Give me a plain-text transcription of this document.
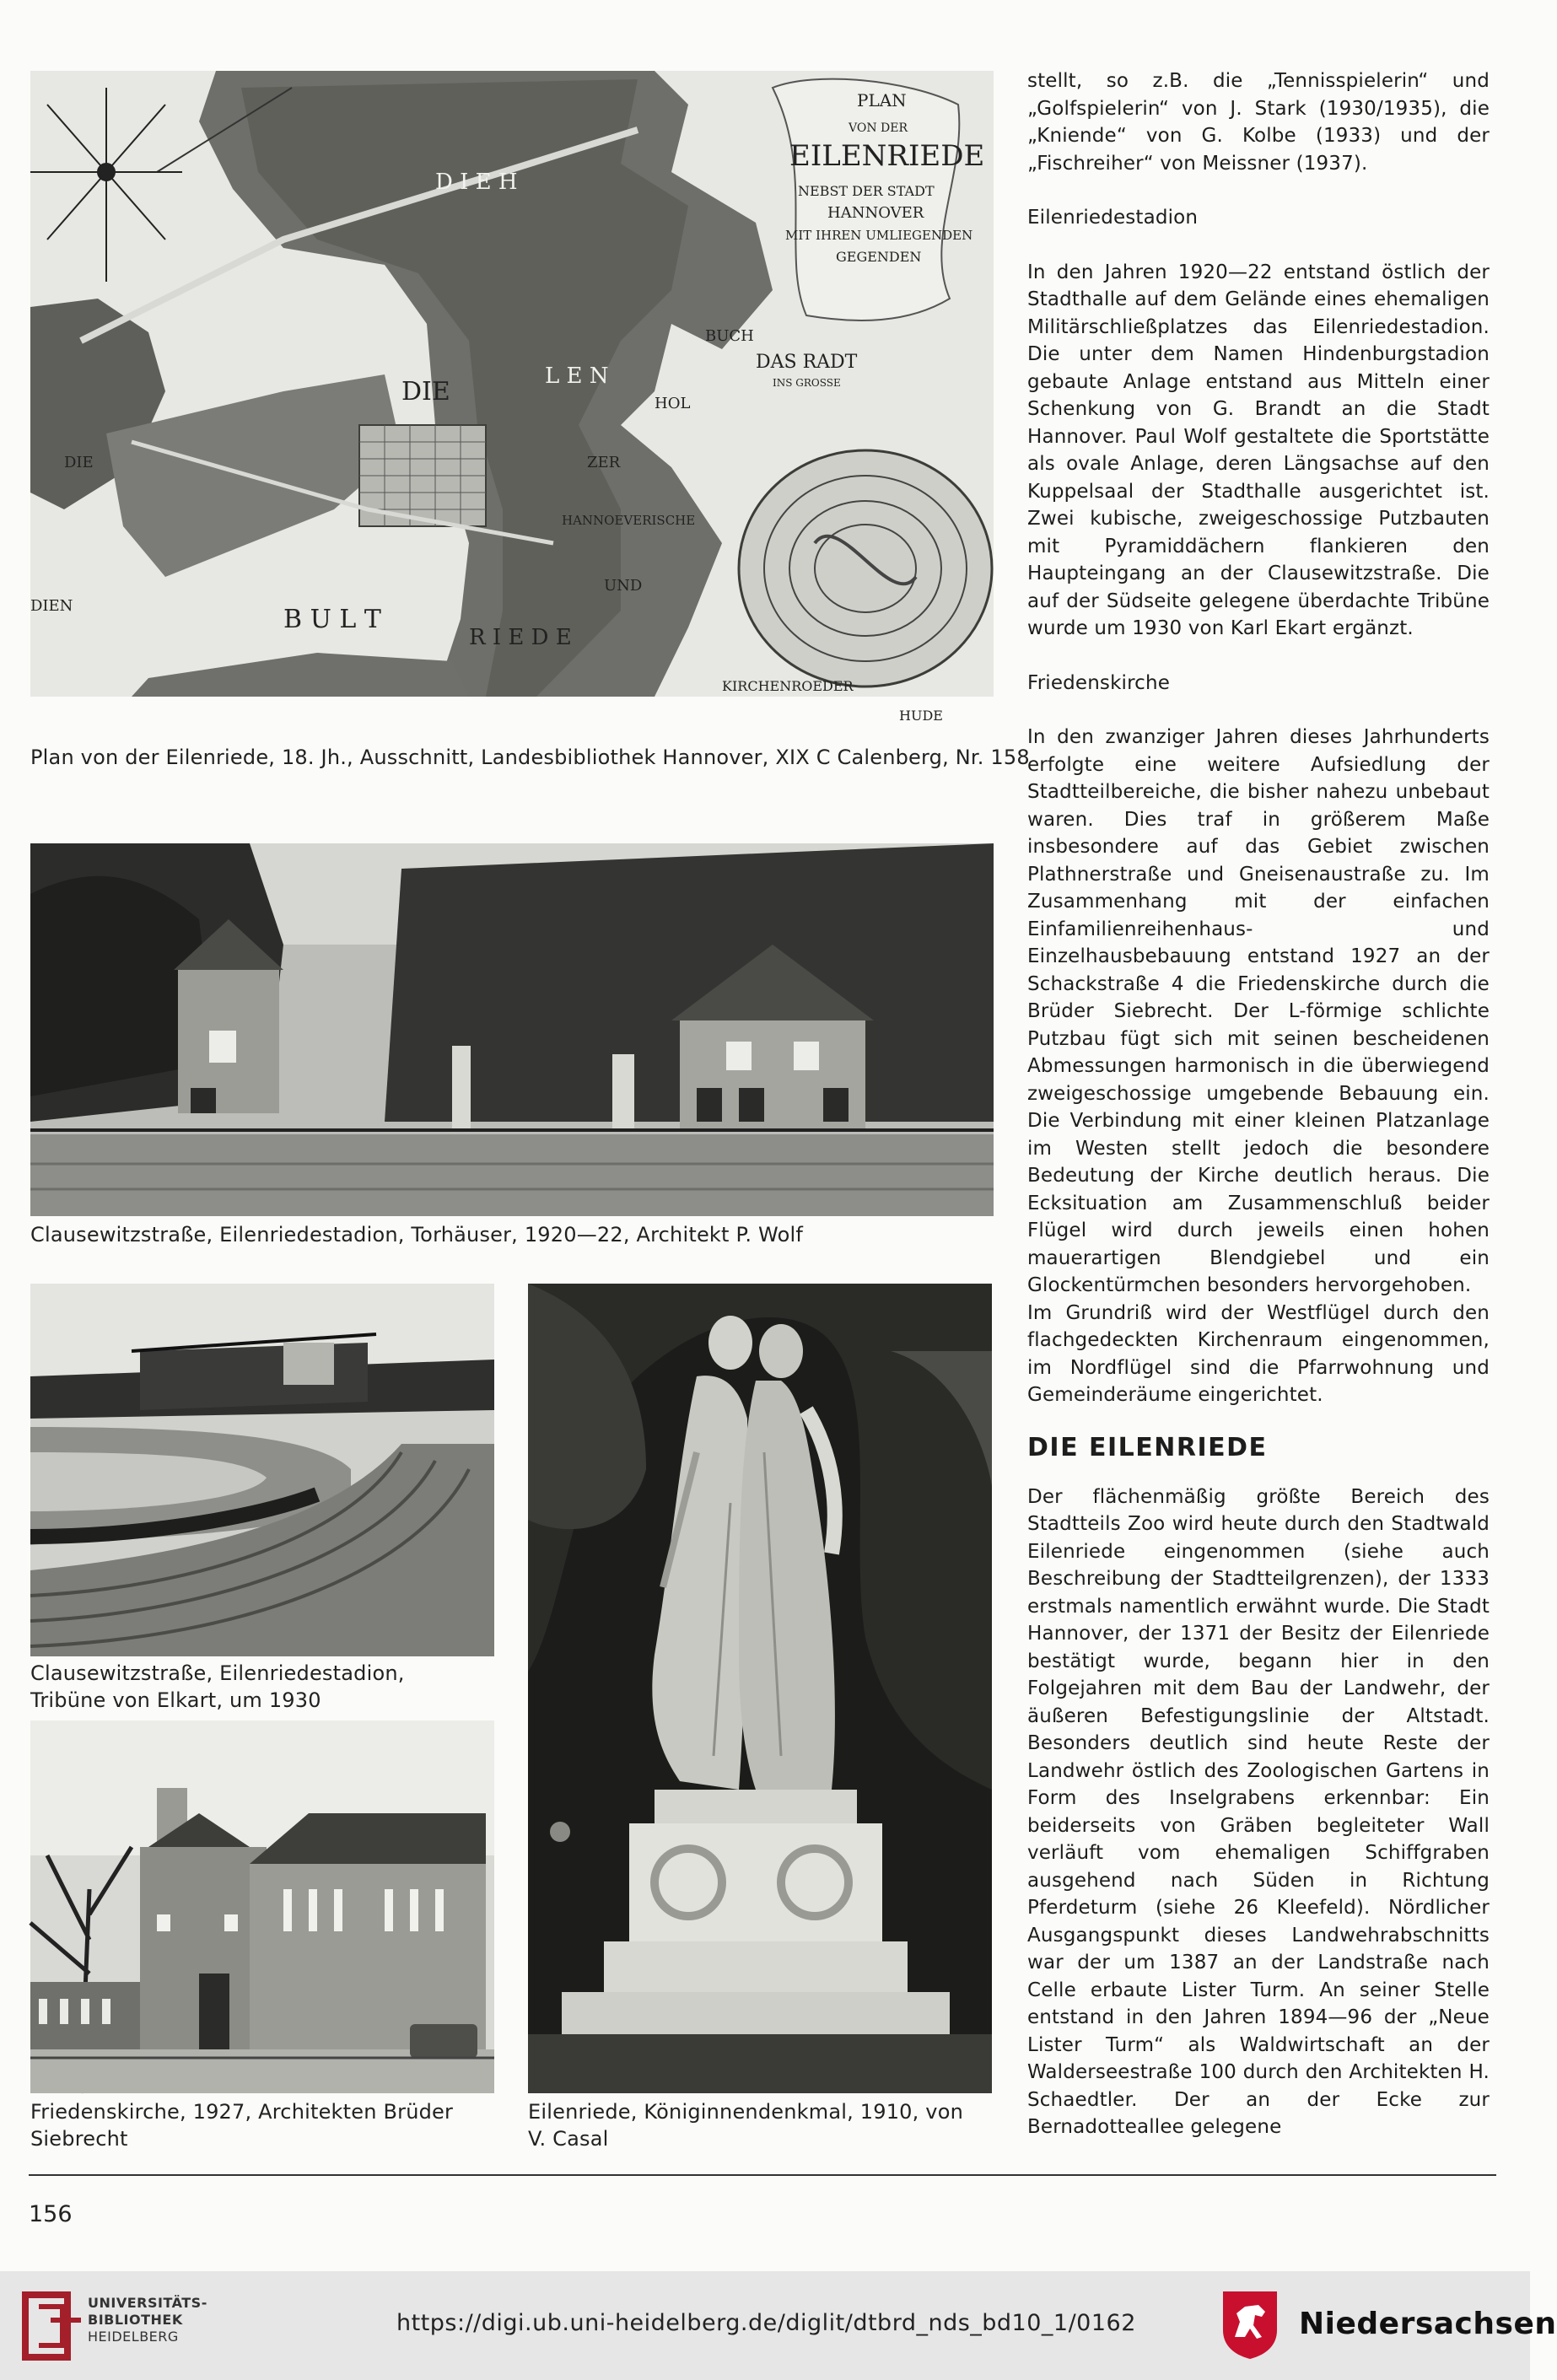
PLAN
VON DER
EILENRIEDE
NEBST DER STADT
HANNOVER
MIT IHREN UMLIEGENDEN
GEGENDEN
DAS RADT
INS GROSSE
DIE
B U L T
R I E D E
HANNOEVERISCHE
UND
ZER
HOL
BUCH
KIRCHENROEDER
HUDE
D I E H
L E N
DIE
DIEN
Plan von der Eilenriede, 18. Jh., Ausschnitt, Landesbibliothek Hannover, XIX C Calenberg, Nr. 158
Clausewitzstraße, Eilenriedestadion, Torhäuser, 1920—22, Architekt P. Wolf
Clausewitzstraße, Eilenriedestadion,
Tribüne von Elkart, um 1930
Friedenskirche, 1927, Architekten Brüder
Siebrecht
Eilenriede, Königinnendenkmal, 1910, von
V. Casal

stellt, so z.B. die „Tennisspielerin“ und „Golfspielerin“ von J. Stark (1930/1935), die „Kniende“ von G. Kolbe (1933) und der „Fischreiher“ von Meissner (1937).

Eilenriedestadion

In den Jahren 1920—22 entstand östlich der Stadthalle auf dem Gelände eines ehemaligen Militärschließplatzes das Eilenriedestadion. Die unter dem Namen Hindenburgstadion gebaute Anlage entstand aus Mitteln einer Schenkung von G. Brandt an die Stadt Hannover. Paul Wolf gestaltete die Sportstätte als ovale Anlage, deren Längsachse auf den Kuppelsaal der Stadthalle ausgerichtet ist. Zwei kubische, zweigeschossige Putzbauten mit Pyramiddächern flankieren den Haupteingang an der Clausewitzstraße. Die auf der Südseite gelegene überdachte Tribüne wurde um 1930 von Karl Ekart ergänzt.

Friedenskirche

In den zwanziger Jahren dieses Jahrhunderts erfolgte eine weitere Aufsiedlung der Stadtteilbereiche, die bisher nahezu unbebaut waren. Dies traf in größerem Maße insbesondere auf das Gebiet zwischen Plathnerstraße und Gneisenaustraße zu. Im Zusammenhang mit der einfachen Einfamilienreihenhaus- und Einzelhausbebauung entstand 1927 an der Schackstraße 4 die Friedenskirche durch die Brüder Siebrecht. Der L-förmige schlichte Putzbau fügt sich mit seinen bescheidenen Abmessungen harmonisch in die überwiegend zweigeschossige umgebende Bebauung ein. Die Verbindung mit einer kleinen Platzanlage im Westen stellt jedoch die besondere Bedeutung der Kirche deutlich heraus. Die Ecksituation am Zusammenschluß beider Flügel wird durch jeweils einen hohen mauerartigen Blendgiebel und ein Glockentürmchen besonders hervorgehoben.

Im Grundriß wird der Westflügel durch den flachgedeckten Kirchenraum eingenommen, im Nordflügel sind die Pfarrwohnung und Gemeinderäume eingerichtet.

DIE EILENRIEDE

Der flächenmäßig größte Bereich des Stadtteils Zoo wird heute durch den Stadtwald Eilenriede eingenommen (siehe auch Beschreibung der Stadtteilgrenzen), der 1333 erstmals namentlich erwähnt wurde. Die Stadt Hannover, der 1371 der Besitz der Eilenriede bestätigt wurde, begann hier in den Folgejahren mit dem Bau der Landwehr, der äußeren Befestigungslinie der Altstadt. Besonders deutlich sind heute Reste der Landwehr östlich des Zoologischen Gartens in Form des Inselgrabens erkennbar: Ein beiderseits von Gräben begleiteter Wall verläuft vom ehemaligen Schiffgraben ausgehend nach Süden in Richtung Pferdeturm (siehe 26 Kleefeld). Nördlicher Ausgangspunkt dieses Landwehrabschnitts war der um 1387 an der Landstraße nach Celle erbaute Lister Turm. An seiner Stelle entstand in den Jahren 1894—96 der „Neue Lister Turm“ als Waldwirtschaft an der Walderseestraße 100 durch den Architekten H. Schaedtler. Der an der Ecke zur Bernadotteallee gelegene

156
UNIVERSITÄTS-
BIBLIOTHEK
HEIDELBERG
https://digi.ub.uni-heidelberg.de/diglit/dtbrd_nds_bd10_1/0162	Niedersachsen
